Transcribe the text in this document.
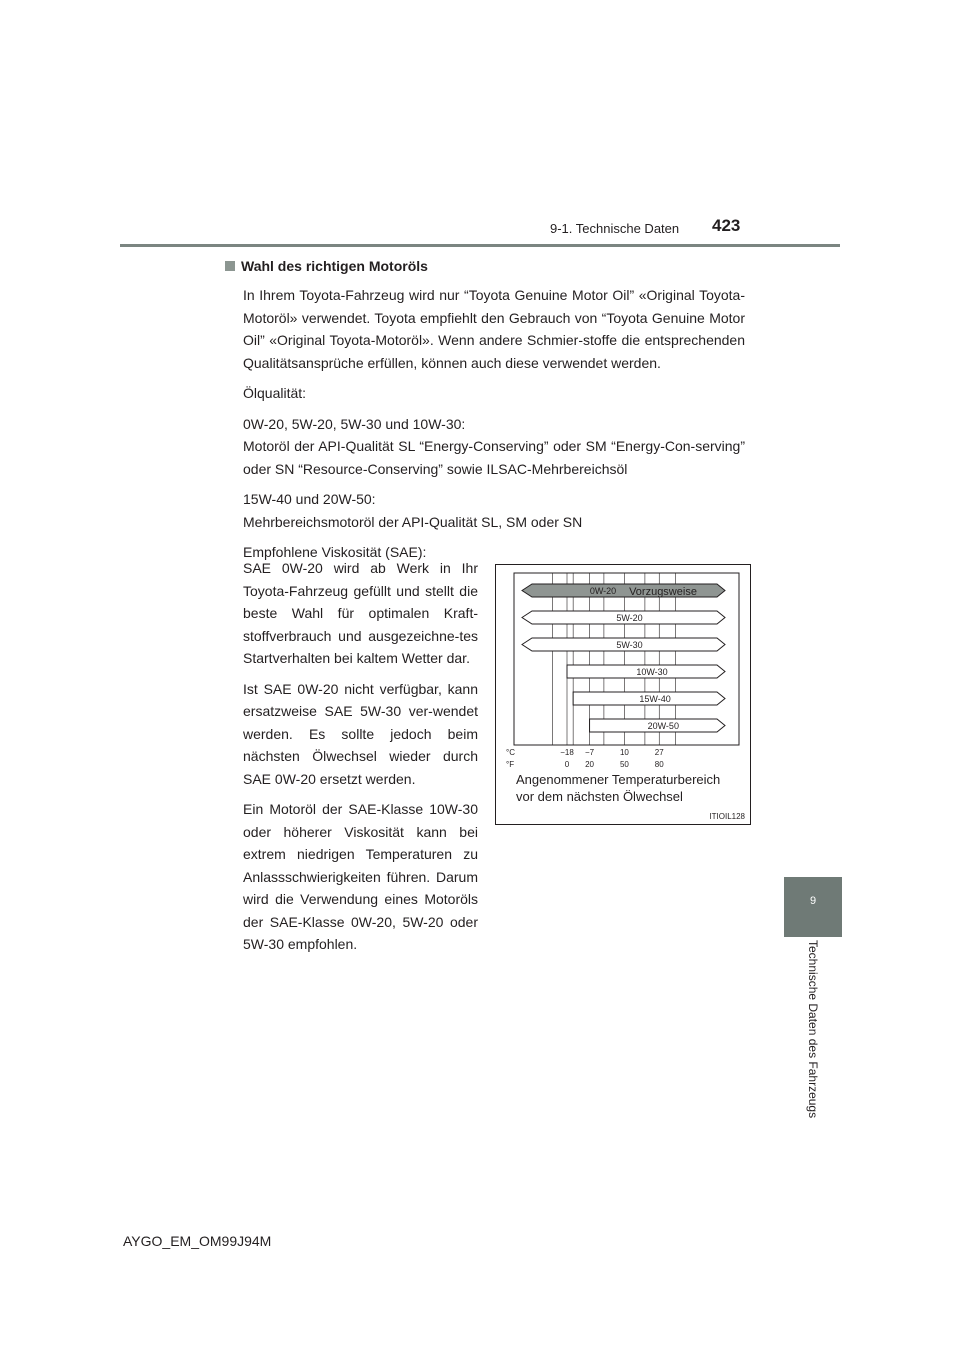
9-1. Technische Daten 423
Wahl des richtigen Motoröls
In Ihrem Toyota-Fahrzeug wird nur “Toyota Genuine Motor Oil” «Original Toyota-Motoröl» verwendet. Toyota empfiehlt den Gebrauch von “Toyota Genuine Motor Oil” «Original Toyota-Motoröl». Wenn andere Schmier-stoffe die entsprechenden Qualitätsansprüche erfüllen, können auch diese verwendet werden.
Ölqualität:
0W-20, 5W-20, 5W-30 und 10W-30:
Motoröl der API-Qualität SL “Energy-Conserving” oder SM “Energy-Con-serving” oder SN “Resource-Conserving” sowie ILSAC-Mehrbereichsöl
15W-40 und 20W-50:
Mehrbereichsmotoröl der API-Qualität SL, SM oder SN
Empfohlene Viskosität (SAE):
SAE 0W-20 wird ab Werk in Ihr Toyota-Fahrzeug gefüllt und stellt die beste Wahl für optimalen Kraft-stoffverbrauch und ausgezeichne-tes Startverhalten bei kaltem Wetter dar.
Ist SAE 0W-20 nicht verfügbar, kann ersatzweise SAE 5W-30 ver-wendet werden. Es sollte jedoch beim nächsten Ölwechsel wieder durch SAE 0W-20 ersetzt werden.
Ein Motoröl der SAE-Klasse 10W-30 oder höherer Viskosität kann bei extrem niedrigen Temperaturen zu Anlassschwierigkeiten führen. Darum wird die Verwendung eines Motoröls der SAE-Klasse 0W-20, 5W-20 oder 5W-30 empfohlen.
0W-20 Vorzugsweise
5W-20
5W-30
10W-30
15W-40
20W-50
°C
°F
−18 −7	10	27
0 20	50	80
Angenommener Temperaturbereich
vor dem nächsten Ölwechsel
ITIOIL128
9
Technische Daten des Fahrzeugs
AYGO_EM_OM99J94M
